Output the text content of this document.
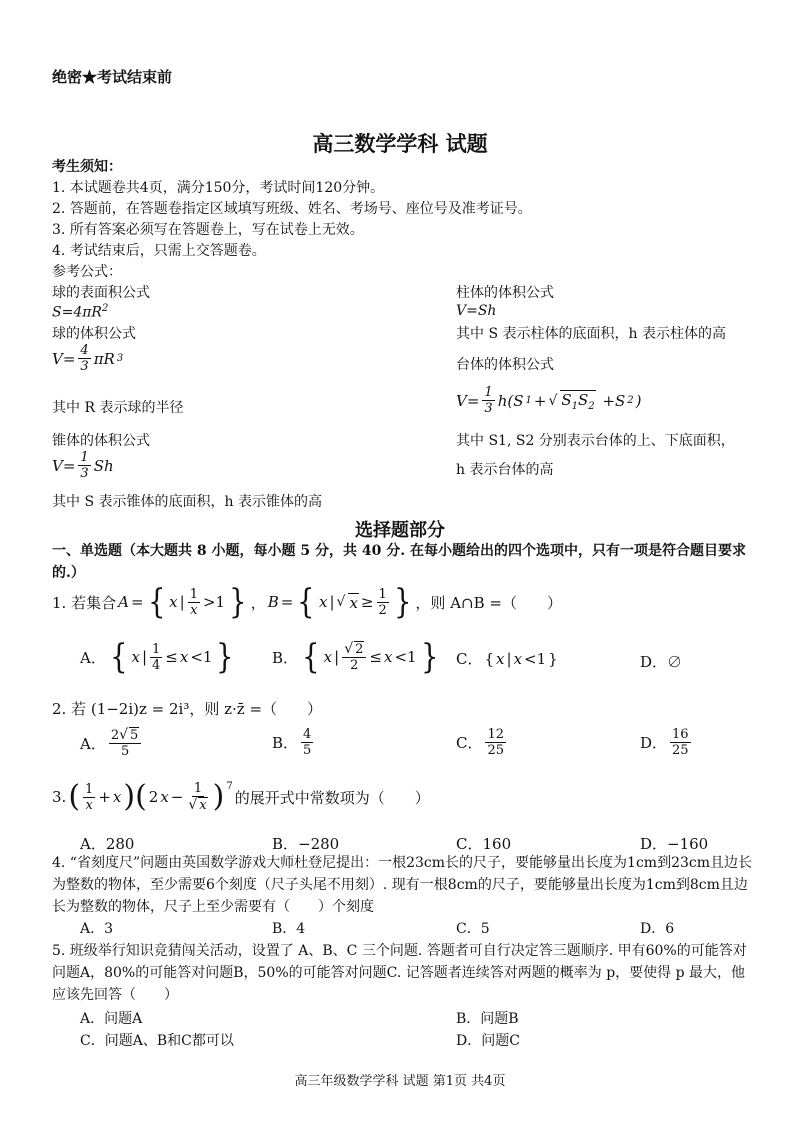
绝密★考试结束前
高三数学学科 试题
考生须知：
1. 本试题卷共4页，满分150分，考试时间120分钟。
2. 答题前，在答题卷指定区域填写班级、姓名、考场号、座位号及准考证号。
3. 所有答案必须写在答题卷上，写在试卷上无效。
4. 考试结束后，只需上交答题卷。
参考公式：
球的表面积公式
$S=4\pi R^2$
球的体积公式
$V= \frac{4}{3}$ πR 3
其中 R 表示球的半径
锥体的体积公式
$V= \frac{1}{3}$ Sh
其中 S 表示锥体的底面积，h 表示锥体的高
柱体的体积公式
V=Sh
其中 S 表示柱体的底面积，h 表示柱体的高
台体的体积公式
$V= \frac{1}{3} h(S$ 1 + √ $S_1S_2 +S$ 2 )
其中 S1, S2 分别表示台体的上、下底面积，
h 表示台体的高
选择题部分
一、单选题（本大题共 8 小题，每小题 5 分，共 40 分. 在每小题给出的四个选项中，只有一项是符合题目要求的.）
1. 若集合 A = { x | $\frac{1}{x} >1$ } ， B = { x | √ $x \ge \frac{1}{2}$ } ，则 A∩B =（　　）
A． { x | $\frac{1}{4} \le x <1$ }	B． { x | $\frac{√ 2}{2} \le x <1$ } C． { x | x <1 }	D．∅
2. 若 (1−2i)z = 2i³，则 z·z̄ =（　　）
A． $\frac{2√ 5}{5}$	B． $\frac{4}{5}$	C． $\frac{12}{25}$	D． $\frac{16}{25}$
3. ( $\frac{1}{x} + x$ )( 2 $x - \frac{1}{√ x}$ ) 7
的展开式中常数项为（　　）
A．280	B．−280	C．160	D．−160
4. “省刻度尺”问题由英国数学游戏大师杜登尼提出：一根23cm长的尺子，要能够量出长度为1cm到23cm且边长为整数的物体，至少需要6个刻度（尺子头尾不用刻）. 现有一根8cm的尺子，要能够量出长度为1cm到8cm且边长为整数的物体，尺子上至少需要有（　　）个刻度
A．3	B．4	C．5	D．6
5. 班级举行知识竞猜闯关活动，设置了 A、B、C 三个问题. 答题者可自行决定答三题顺序. 甲有60%的可能答对问题A，80%的可能答对问题B，50%的可能答对问题C. 记答题者连续答对两题的概率为 p，要使得 p 最大，他应该先回答（　　）
A．问题A	B．问题B
C．问题A、B和C都可以	D．问题C
高三年级数学学科 试题 第1页 共4页
